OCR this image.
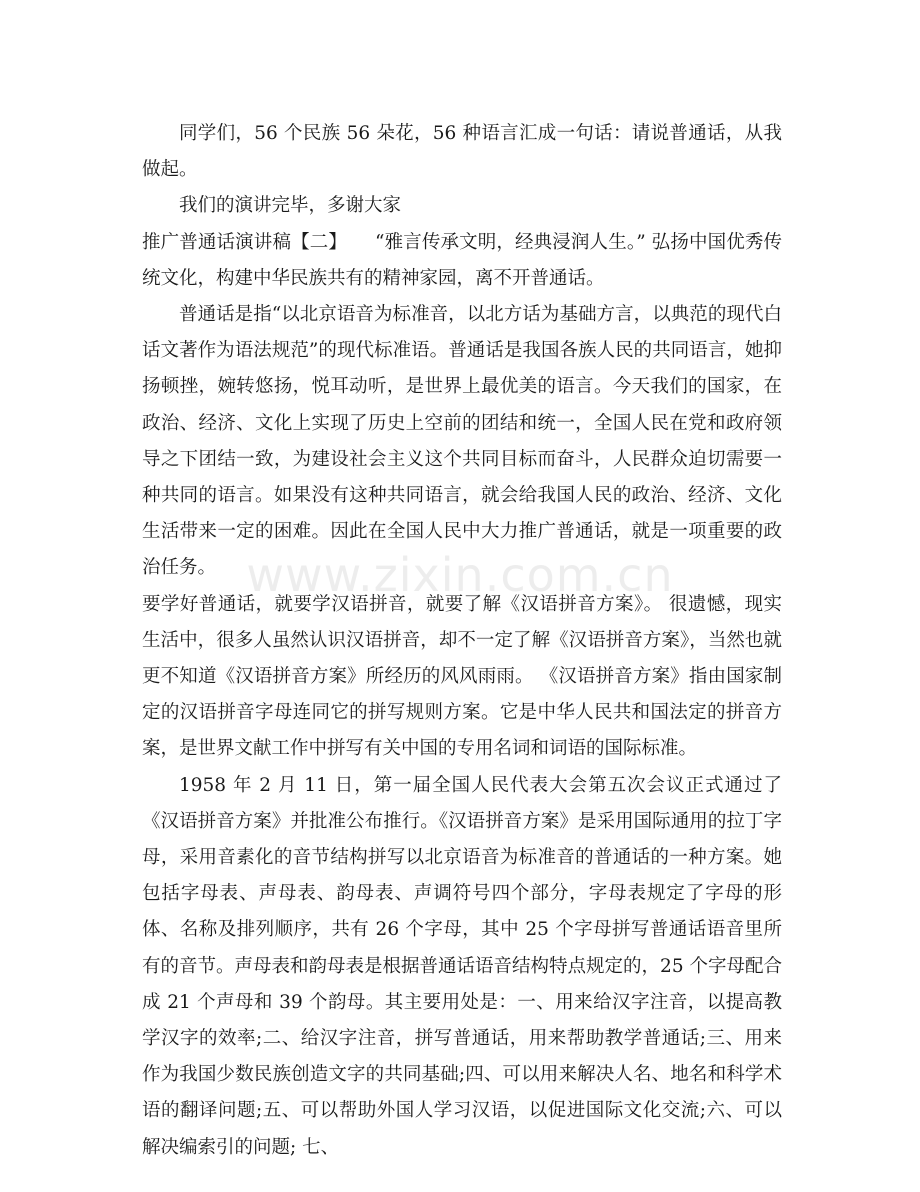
同学们，56 个民族 56 朵花，56 种语言汇成一句话：请说普通话，从我做起。

我们的演讲完毕，多谢大家

推广普通话演讲稿【二】　　“雅言传承文明，经典浸润人生。” 弘扬中国优秀传统文化，构建中华民族共有的精神家园，离不开普通话。

普通话是指“以北京语音为标准音，以北方话为基础方言，以典范的现代白话文著作为语法规范”的现代标准语。普通话是我国各族人民的共同语言，她抑扬顿挫，婉转悠扬，悦耳动听，是世界上最优美的语言。今天我们的国家，在政治、经济、文化上实现了历史上空前的团结和统一，全国人民在党和政府领导之下团结一致，为建设社会主义这个共同目标而奋斗，人民群众迫切需要一种共同的语言。如果没有这种共同语言，就会给我国人民的政治、经济、文化生活带来一定的困难。因此在全国人民中大力推广普通话，就是一项重要的政治任务。

要学好普通话，就要学汉语拼音，就要了解《汉语拼音方案》。 很遗憾，现实生活中，很多人虽然认识汉语拼音，却不一定了解《汉语拼音方案》，当然也就更不知道《汉语拼音方案》所经历的风风雨雨。 《汉语拼音方案》指由国家制定的汉语拼音字母连同它的拼写规则方案。它是中华人民共和国法定的拼音方案，是世界文献工作中拼写有关中国的专用名词和词语的国际标准。

1958 年 2 月 11 日，第一届全国人民代表大会第五次会议正式通过了《汉语拼音方案》并批准公布推行。《汉语拼音方案》是采用国际通用的拉丁字母，采用音素化的音节结构拼写以北京语音为标准音的普通话的一种方案。她包括字母表、声母表、韵母表、声调符号四个部分，字母表规定了字母的形体、名称及排列顺序，共有 26 个字母，其中 25 个字母拼写普通话语音里所有的音节。声母表和韵母表是根据普通话语音结构特点规定的，25 个字母配合成 21 个声母和 39 个韵母。其主要用处是：一、用来给汉字注音，以提高教学汉字的效率;二、给汉字注音，拼写普通话，用来帮助教学普通话;三、用来作为我国少数民族创造文字的共同基础;四、可以用来解决人名、地名和科学术语的翻译问题;五、可以帮助外国人学习汉语，以促进国际文化交流;六、可以解决编索引的问题; 七、

www.zixin.com.cn
